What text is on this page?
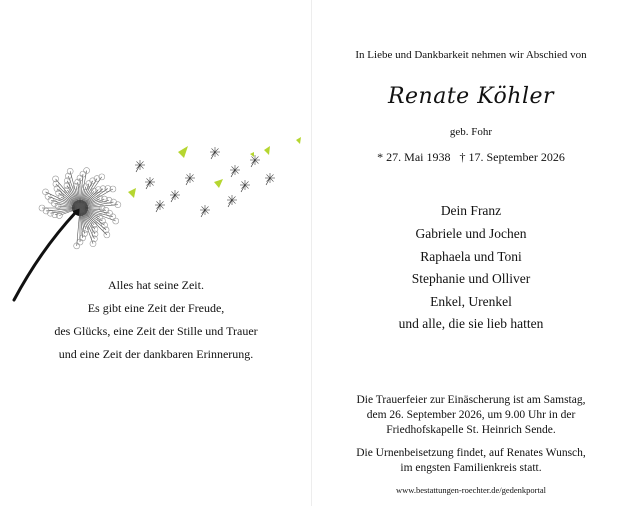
Alles hat seine Zeit.
Es gibt eine Zeit der Freude,
des Glücks, eine Zeit der Stille und Trauer
und eine Zeit der dankbaren Erinnerung.
In Liebe und Dankbarkeit nehmen wir Abschied von
Renate Köhler
geb. Fohr
* 27. Mai 1938   † 17. September 2026
Dein Franz
Gabriele und Jochen
Raphaela und Toni
Stephanie und Olliver
Enkel, Urenkel
und alle, die sie lieb hatten
Die Trauerfeier zur Einäscherung ist am Samstag,
dem 26. September 2026, um 9.00 Uhr in der
Friedhofskapelle St. Heinrich Sende.
Die Urnenbeisetzung findet, auf Renates Wunsch,
im engsten Familienkreis statt.
www.bestattungen-roechter.de/gedenkportal
